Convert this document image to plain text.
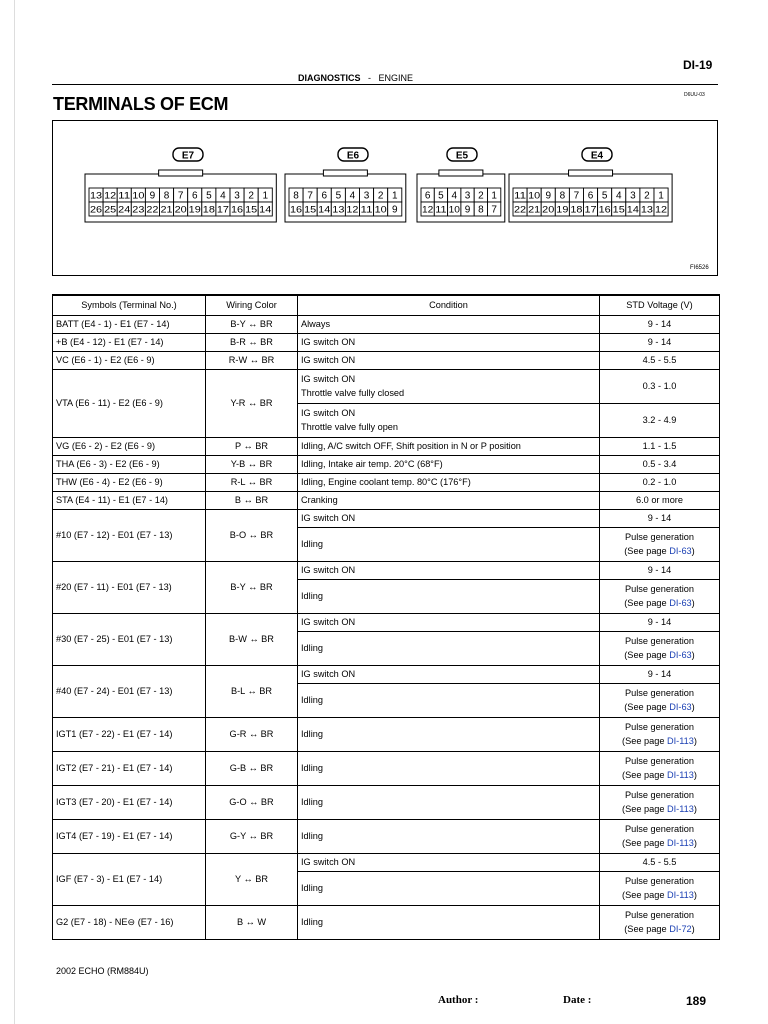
DI-19
DIAGNOSTICS - ENGINE
D6UU-03
TERMINALS OF ECM
E7
13 12 11 10 9 8 7 6 5 4 3 2 1
26 25 24 23 22 21 20 19 18 17 16 15 14
E6
8 7 6 5 4 3 2 1
16 15 14 13 12 11 10 9
E5
6 5 4 3 2 1
12 11 10 9 8 7
E4
11 10 9 8 7 6 5 4 3 2 1
22 21 20 19 18 17 16 15 14 13 12
FI6526
Symbols (Terminal No.)	Wiring Color	Condition	STD Voltage (V)
BATT (E4 - 1) - E1 (E7 - 14)	B-Y ↔ BR	Always	9 - 14

+B (E4 - 12) - E1 (E7 - 14)	B-R ↔ BR	IG switch ON	9 - 14

VC (E6 - 1) - E2 (E6 - 9)	R-W ↔ BR	IG switch ON	4.5 - 5.5

VTA (E6 - 11) - E2 (E6 - 9)	Y-R ↔ BR	IG switch ON
Throttle valve fully closed	0.3 - 1.0

		IG switch ON
Throttle valve fully open	3.2 - 4.9

VG (E6 - 2) - E2 (E6 - 9)	P ↔ BR	Idling, A/C switch OFF, Shift position in N or P position	1.1 - 1.5

THA (E6 - 3) - E2 (E6 - 9)	Y-B ↔ BR	Idling, Intake air temp. 20°C (68°F)	0.5 - 3.4

THW (E6 - 4) - E2 (E6 - 9)	R-L ↔ BR	Idling, Engine coolant temp. 80°C (176°F)	0.2 - 1.0

STA (E4 - 11) - E1 (E7 - 14)	B ↔ BR	Cranking	6.0 or more

#10 (E7 - 12) - E01 (E7 - 13)	B-O ↔ BR	IG switch ON	9 - 14

		Idling	Pulse generation
(See page DI-63)

#20 (E7 - 11) - E01 (E7 - 13)	B-Y ↔ BR	IG switch ON	9 - 14

		Idling	Pulse generation
(See page DI-63)

#30 (E7 - 25) - E01 (E7 - 13)	B-W ↔ BR	IG switch ON	9 - 14

		Idling	Pulse generation
(See page DI-63)

#40 (E7 - 24) - E01 (E7 - 13)	B-L ↔ BR	IG switch ON	9 - 14

		Idling	Pulse generation
(See page DI-63)

IGT1 (E7 - 22) - E1 (E7 - 14)	G-R ↔ BR	Idling	Pulse generation
(See page DI-113)

IGT2 (E7 - 21) - E1 (E7 - 14)	G-B ↔ BR	Idling	Pulse generation
(See page DI-113)

IGT3 (E7 - 20) - E1 (E7 - 14)	G-O ↔ BR	Idling	Pulse generation
(See page DI-113)

IGT4 (E7 - 19) - E1 (E7 - 14)	G-Y ↔ BR	Idling	Pulse generation
(See page DI-113)

IGF (E7 - 3) - E1 (E7 - 14)	Y ↔ BR	IG switch ON	4.5 - 5.5

		Idling	Pulse generation
(See page DI-113)

G2 (E7 - 18) - NE⊖ (E7 - 16)	B ↔ W	Idling	Pulse generation
(See page DI-72)
2002 ECHO (RM884U)
Author :	Date :	189
